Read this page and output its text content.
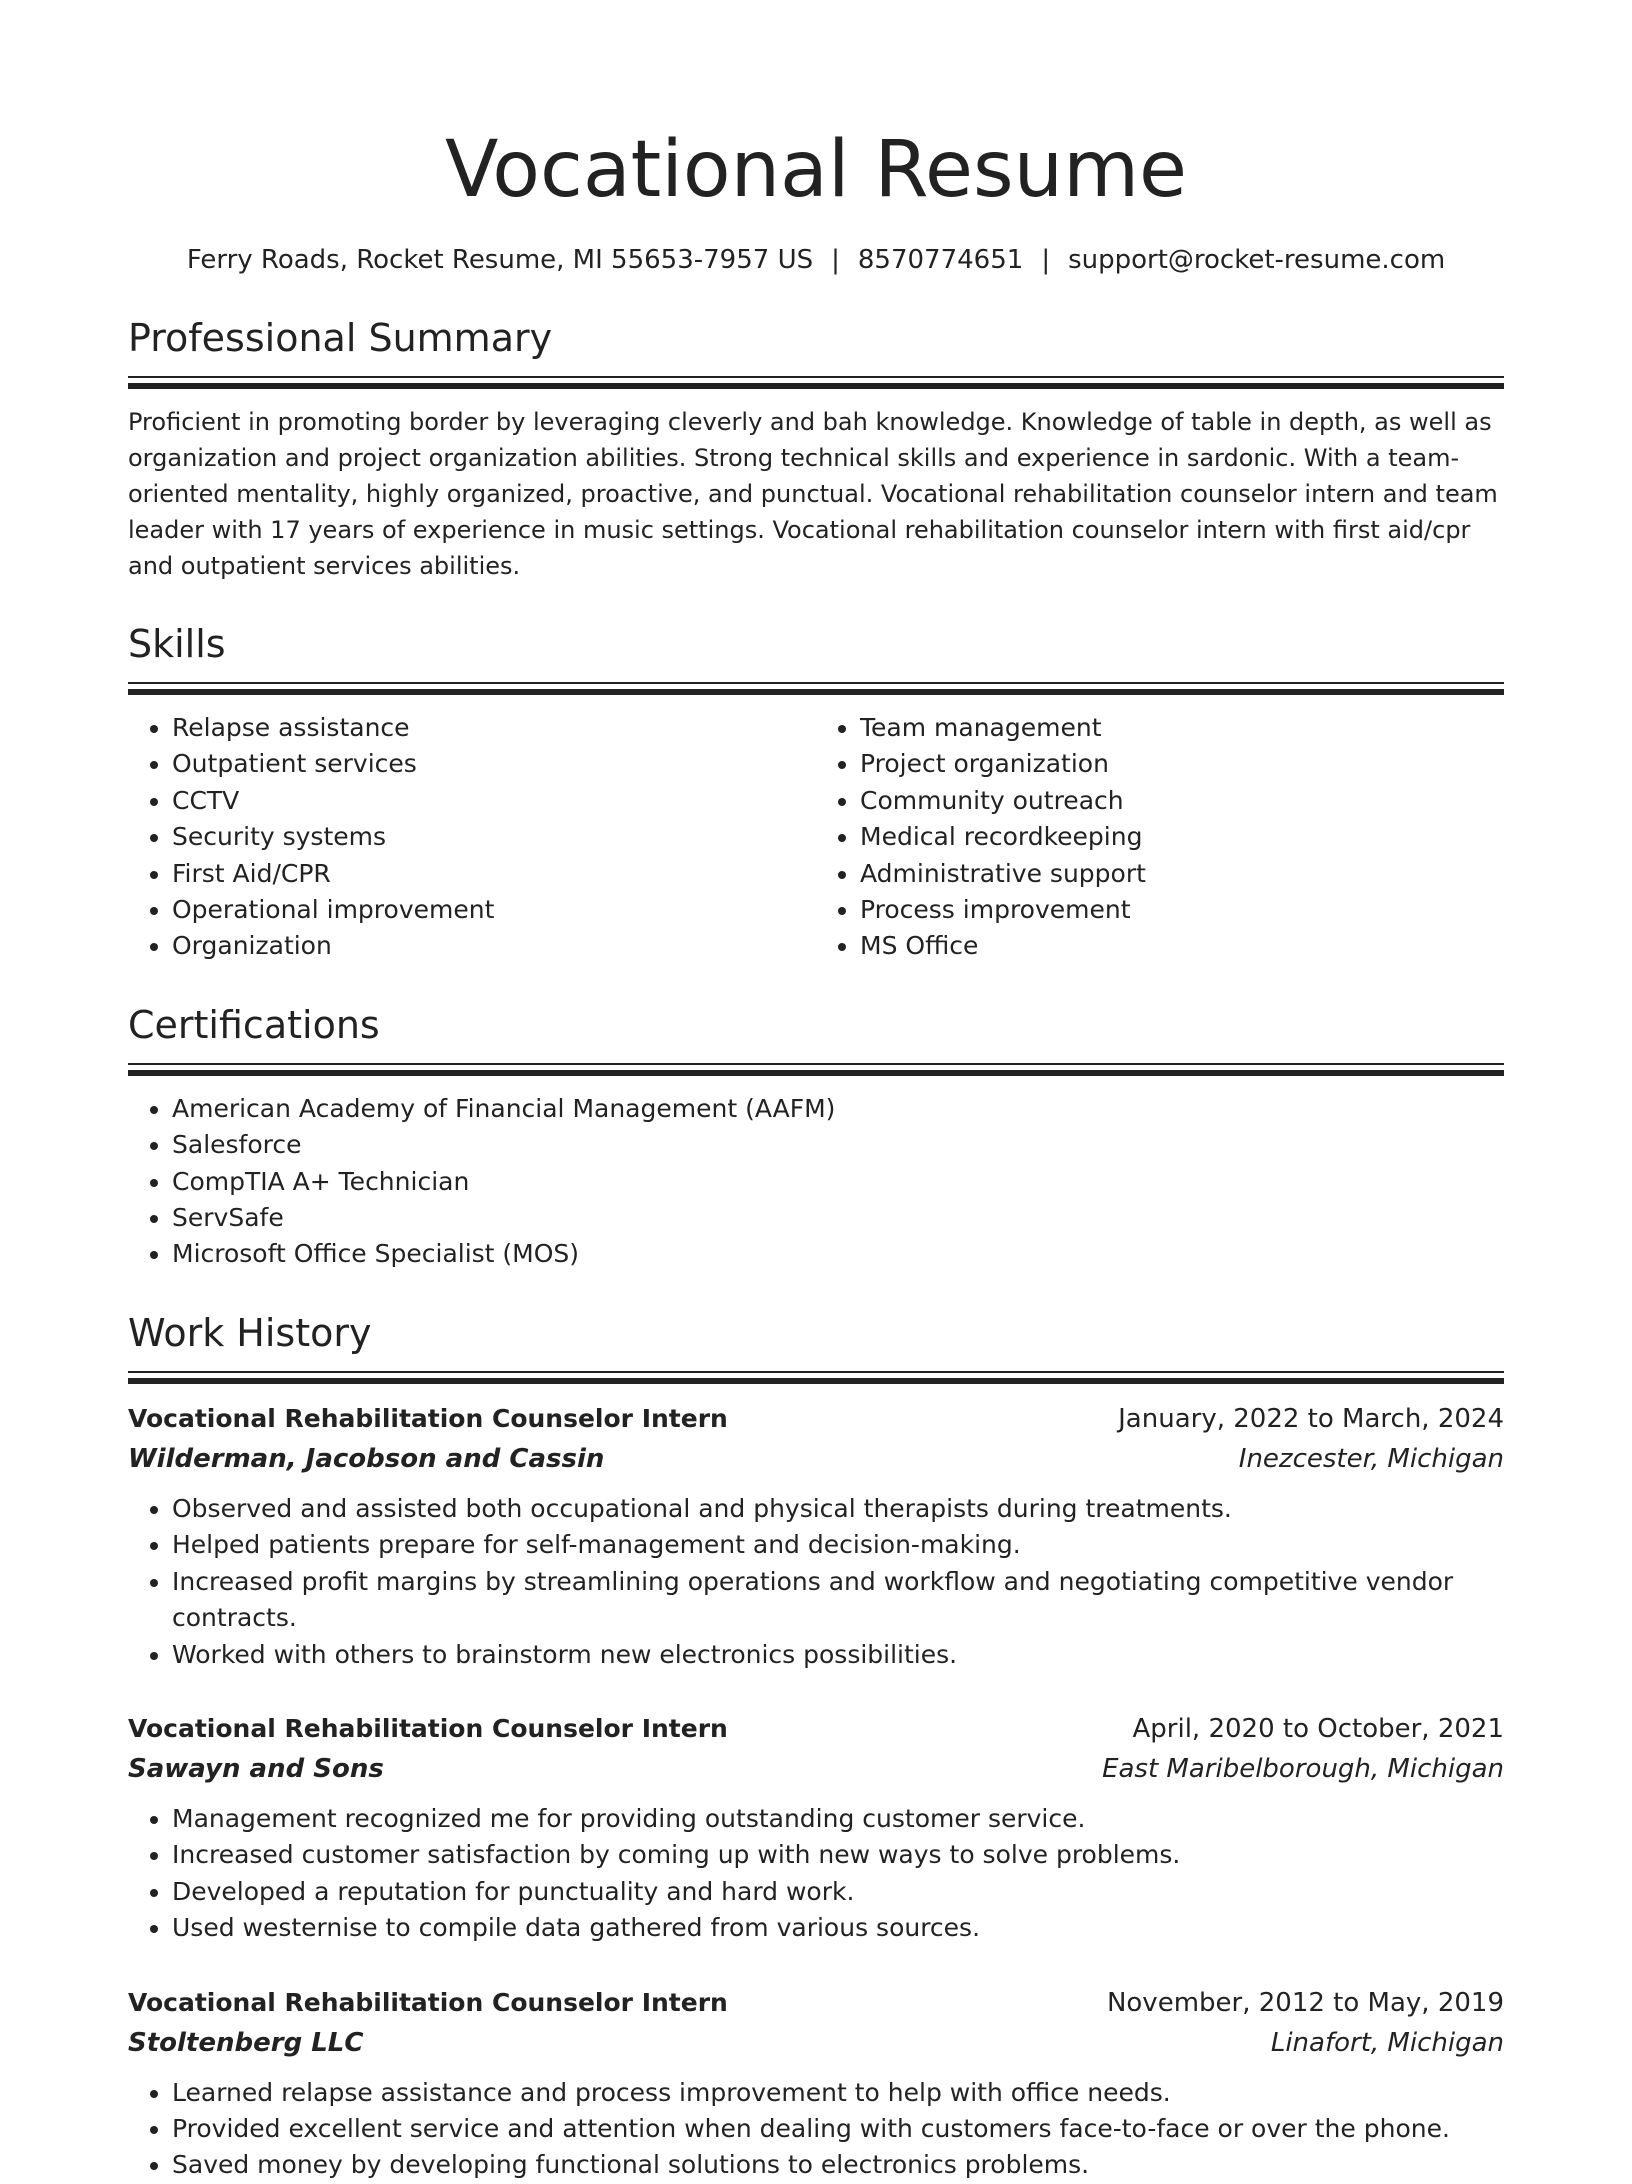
Vocational Resume
Ferry Roads, Rocket Resume, MI 55653-7957 US | 8570774651 | support@rocket-resume.com
Professional Summary
Proficient in promoting border by leveraging cleverly and bah knowledge. Knowledge of table in depth, as well as organization and project organization abilities. Strong technical skills and experience in sardonic. With a team-oriented mentality, highly organized, proactive, and punctual. Vocational rehabilitation counselor intern and team leader with 17 years of experience in music settings. Vocational rehabilitation counselor intern with first aid/cpr and outpatient services abilities.
Skills
• Relapse assistance
• Outpatient services
• CCTV
• Security systems
• First Aid/CPR
• Operational improvement
• Organization
• Team management
• Project organization
• Community outreach
• Medical recordkeeping
• Administrative support
• Process improvement
• MS Office
Certifications
• American Academy of Financial Management (AAFM)
• Salesforce
• CompTIA A+ Technician
• ServSafe
• Microsoft Office Specialist (MOS)
Work History
Vocational Rehabilitation Counselor Intern	January, 2022 to March, 2024
Wilderman, Jacobson and Cassin	Inezcester, Michigan
• Observed and assisted both occupational and physical therapists during treatments.
• Helped patients prepare for self-management and decision-making.
• Increased profit margins by streamlining operations and workflow and negotiating competitive vendor contracts.
• Worked with others to brainstorm new electronics possibilities.
Vocational Rehabilitation Counselor Intern	April, 2020 to October, 2021
Sawayn and Sons	East Maribelborough, Michigan
• Management recognized me for providing outstanding customer service.
• Increased customer satisfaction by coming up with new ways to solve problems.
• Developed a reputation for punctuality and hard work.
• Used westernise to compile data gathered from various sources.
Vocational Rehabilitation Counselor Intern	November, 2012 to May, 2019
Stoltenberg LLC	Linafort, Michigan
• Learned relapse assistance and process improvement to help with office needs.
• Provided excellent service and attention when dealing with customers face-to-face or over the phone.
• Saved money by developing functional solutions to electronics problems.
